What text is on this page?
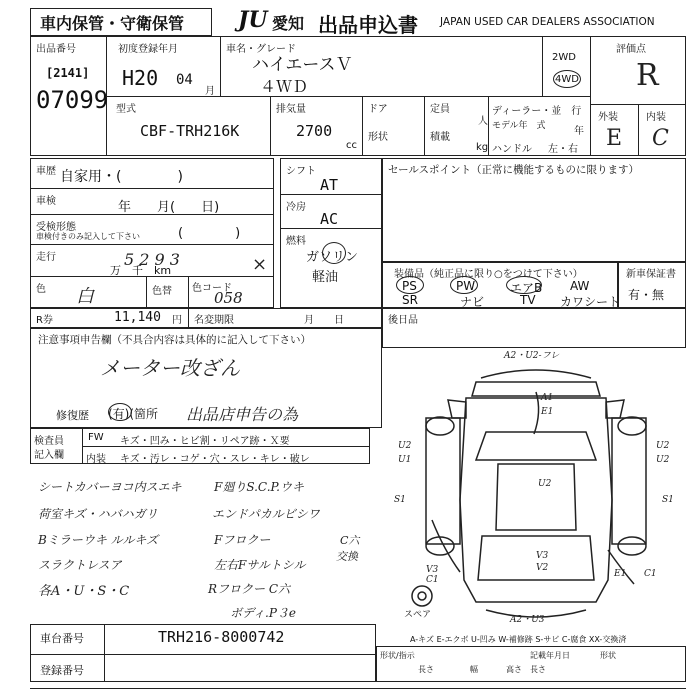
車内保管・守衛保管 JU 愛知 出品申込書 JAPAN USED CAR DEALERS ASSOCIATION
出品番号
[2141]
07099
初度登録年月
H20 04
月
車名・グレード
ハイエースＶ
４ＷＤ
2WD
4WD
評価点
R
外装	内装
E C
型式
CBF-TRH216K
排気量
2700
cc
ドア
形状
定員
人
積載
kg
ディーラー・並　行
モデル年　式	年
ハンドル 左・右
車歴 自家用・(　　　　)
車検	年　　月(　　日)
受検形態
車検付きのみ記入して下さい	(　　　　)
走行	5 2 9 3
万　千　km	×
色 白	色替 色コード
058
シフト
AT
冷房
AC
燃料
ガソリン
軽油
セールスポイント（正常に機能するものに限ります）
装備品（純正品に限り○をつけて下さい）
PS	PW	エアB AW
SR	ナビ	TV カワシート
新車保証書
有・無
R券	11,140 円 名変期限	月　　日	後日品
注意事項申告欄（不具合内容は具体的に記入して下さい）
メーター改ざん
修復歴 (有)(箇所 出品店申告の為
検査員
記入欄
FW キズ・凹み・ヒビ割・リペア跡・Ｘ要
内装 キズ・汚レ・コゲ・穴・スレ・キレ・破レ
シートカバーヨコ内スエキ
荷室キズ・ハバハガリ
Bミラーウキ ルルキズ
スラクトレスア
各A・U・S・C
F廻りS.C.P.ウキ
エンドパカルビシワ
Fフロクー
左右Fサルトシル
Rフロクー C六
ボディ.P３e
C六
交換
A2・U2-フレ
A1
E1
U2	U2
U2
S1	S1
U1	U2
V3
V2
E1
V3
C1
C1
A2・U3
スペア
A-キズ E-エクボ U-凹み W-補修跡 S-サビ C-腐食 XX-交換済
車台番号	TRH216-8000742
登録番号
形状/指示
長さ	幅	高さ
記載年月日	形状
長さ
